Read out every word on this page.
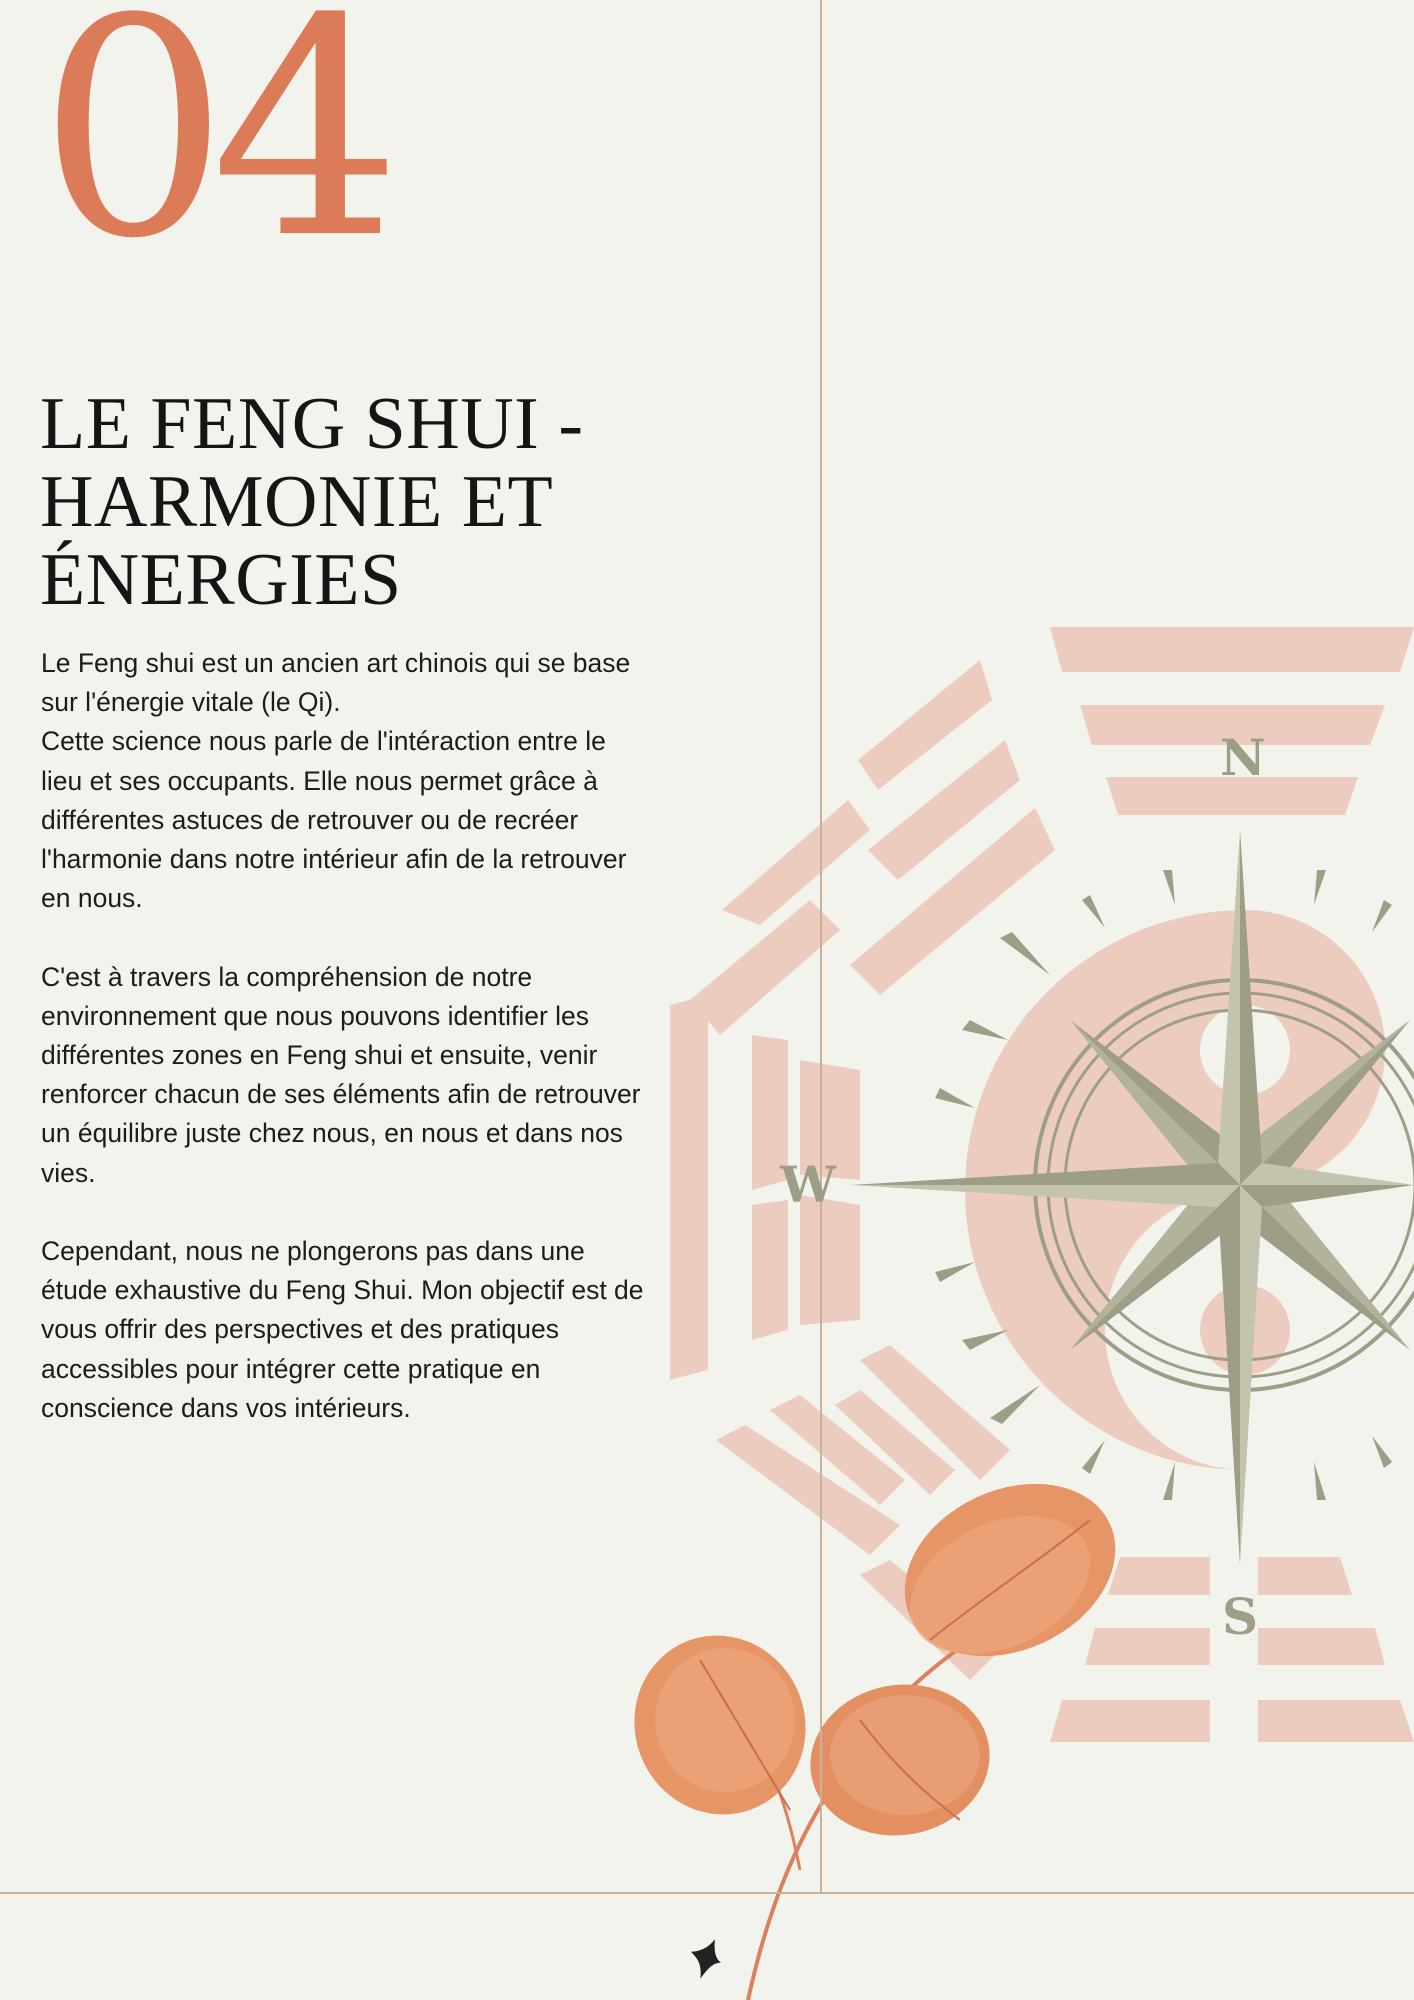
N
W
S
04
LE FENG SHUI -
HARMONIE ET
ÉNERGIES

Le Feng shui est un ancien art chinois qui se base
sur l'énergie vitale (le Qi).
Cette science nous parle de l'intéraction entre le
lieu et ses occupants. Elle nous permet grâce à
différentes astuces de retrouver ou de recréer
l'harmonie dans notre intérieur afin de la retrouver
en nous.

C'est à travers la compréhension de notre
environnement que nous pouvons identifier les
différentes zones en Feng shui et ensuite, venir
renforcer chacun de ses éléments afin de retrouver
un équilibre juste chez nous, en nous et dans nos
vies.

Cependant, nous ne plongerons pas dans une
étude exhaustive du Feng Shui. Mon objectif est de
vous offrir des perspectives et des pratiques
accessibles pour intégrer cette pratique en
conscience dans vos intérieurs.
